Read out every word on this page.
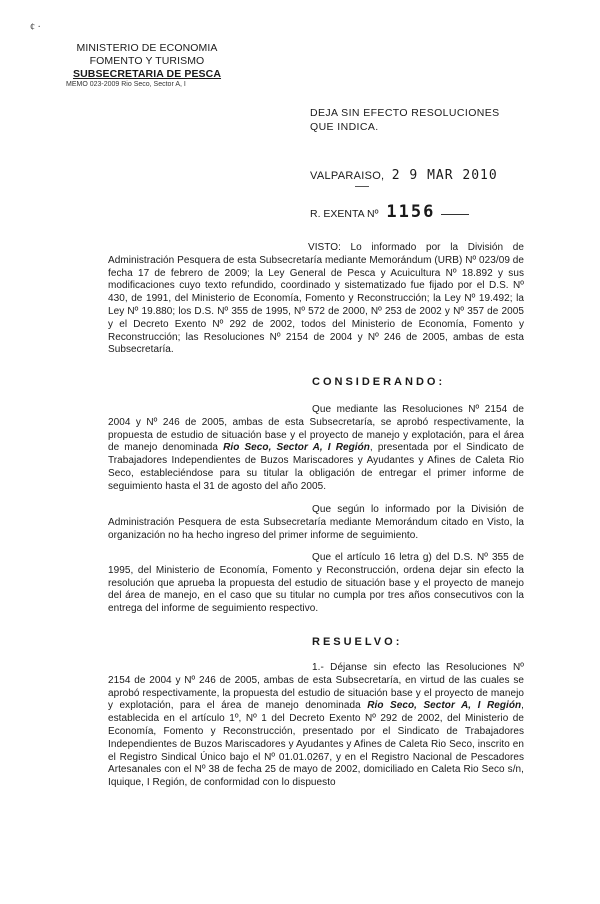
¢ ·
MINISTERIO DE ECONOMIA
FOMENTO Y TURISMO
SUBSECRETARIA DE PESCA
MEMO 023-2009 Rio Seco, Sector A, I
DEJA SIN EFECTO RESOLUCIONES QUE INDICA.
VALPARAISO, 2 9 MAR 2010
R. EXENTA Nº 1156
VISTO: Lo informado por la División de Administración Pesquera de esta Subsecretaría mediante Memorándum (URB) Nº 023/09 de fecha 17 de febrero de 2009; la Ley General de Pesca y Acuicultura Nº 18.892 y sus modificaciones cuyo texto refundido, coordinado y sistematizado fue fijado por el D.S. Nº 430, de 1991, del Ministerio de Economía, Fomento y Reconstrucción; la Ley Nº 19.492; la Ley Nº 19.880; los D.S. Nº 355 de 1995, Nº 572 de 2000, Nº 253 de 2002 y Nº 357 de 2005 y el Decreto Exento Nº 292 de 2002, todos del Ministerio de Economía, Fomento y Reconstrucción; las Resoluciones Nº 2154 de 2004 y Nº 246 de 2005, ambas de esta Subsecretaría.
CONSIDERANDO:
Que mediante las Resoluciones Nº 2154 de 2004 y Nº 246 de 2005, ambas de esta Subsecretaría, se aprobó respectivamente, la propuesta de estudio de situación base y el proyecto de manejo y explotación, para el área de manejo denominada Rio Seco, Sector A, I Región, presentada por el Sindicato de Trabajadores Independientes de Buzos Mariscadores y Ayudantes y Afines de Caleta Rio Seco, estableciéndose para su titular la obligación de entregar el primer informe de seguimiento hasta el 31 de agosto del año 2005.
Que según lo informado por la División de Administración Pesquera de esta Subsecretaría mediante Memorándum citado en Visto, la organización no ha hecho ingreso del primer informe de seguimiento.
Que el artículo 16 letra g) del D.S. Nº 355 de 1995, del Ministerio de Economía, Fomento y Reconstrucción, ordena dejar sin efecto la resolución que aprueba la propuesta del estudio de situación base y el proyecto de manejo del área de manejo, en el caso que su titular no cumpla por tres años consecutivos con la entrega del informe de seguimiento respectivo.
RESUELVO:
1.- Déjanse sin efecto las Resoluciones Nº 2154 de 2004 y Nº 246 de 2005, ambas de esta Subsecretaría, en virtud de las cuales se aprobó respectivamente, la propuesta del estudio de situación base y el proyecto de manejo y explotación, para el área de manejo denominada Rio Seco, Sector A, I Región, establecida en el artículo 1º, Nº 1 del Decreto Exento Nº 292 de 2002, del Ministerio de Economía, Fomento y Reconstrucción, presentado por el Sindicato de Trabajadores Independientes de Buzos Mariscadores y Ayudantes y Afines de Caleta Rio Seco, inscrito en el Registro Sindical Único bajo el Nº 01.01.0267, y en el Registro Nacional de Pescadores Artesanales con el Nº 38 de fecha 25 de mayo de 2002, domiciliado en Caleta Rio Seco s/n, Iquique, I Región, de conformidad con lo dispuesto
